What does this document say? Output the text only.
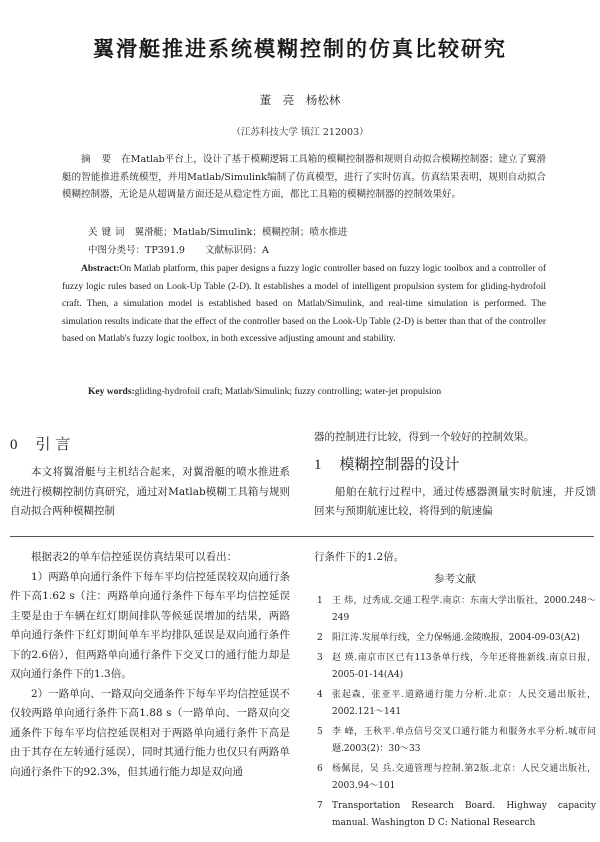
翼滑艇推进系统模糊控制的仿真比较研究
董 亮 杨松林
（江苏科技大学 镇江 212003）

摘 要 在Matlab平台上，设计了基于模糊逻辑工具箱的模糊控制器和规则自动拟合模糊控制器；建立了翼滑艇的智能推进系统模型，并用Matlab/Simulink编制了仿真模型，进行了实时仿真。仿真结果表明，规则自动拟合模糊控制器，无论是从超调量方面还是从稳定性方面，都比工具箱的模糊控制器的控制效果好。

关键词 翼滑艇；Matlab/Simulink；模糊控制；喷水推进
中图分类号：TP391.9 文献标识码：A

Abstract:On Matlab platform, this paper designs a fuzzy logic controller based on fuzzy logic toolbox and a controller of fuzzy logic rules based on Look-Up Table (2-D). It establishes a model of intelligent propulsion system for gliding-hydrofoil craft. Then, a simulation model is established based on Matlab/Simulink, and real-time simulation is performed. The simulation results indicate that the effect of the controller based on the Look-Up Table (2-D) is better than that of the controller based on Matlab's fuzzy logic toolbox, in both excessive adjusting amount and stability.

Key words:gliding-hydrofoil craft; Matlab/Simulink; fuzzy controlling; water-jet propulsion
0 引 言

本文将翼滑艇与主机结合起来，对翼滑艇的喷水推进系统进行模糊控制仿真研究，通过对Matlab模糊工具箱与规则自动拟合两种模糊控制

器的控制进行比较，得到一个较好的控制效果。

1 模糊控制器的设计

船舶在航行过程中，通过传感器测量实时航速，并反馈回来与预期航速比较，将得到的航速偏

根据表2的单车信控延误仿真结果可以看出：

1）两路单向通行条件下每车平均信控延误较双向通行条件下高1.62 s（注：两路单向通行条件下每车平均信控延误主要是由于车辆在红灯期间排队等候延误增加的结果，两路单向通行条件下红灯期间单车平均排队延误是双向通行条件下的2.6倍），但两路单向通行条件下交叉口的通行能力却是双向通行条件下的1.3倍。

2）一路单向、一路双向交通条件下每车平均信控延误不仅较两路单向通行条件下高1.88 s（一路单向、一路双向交通条件下每车平均信控延误相对于两路单向通行条件下高是由于其存在左转通行延误），同时其通行能力也仅只有两路单向通行条件下的92.3%，但其通行能力却是双向通

行条件下的1.2倍。

参考文献
1	王 炜，过秀成.交通工程学.南京：东南大学出版社，2000.248～249
2	阳江涛.发展单行线，全力保畅通.金陵晚报，2004-09-03(A2)
3	赵 瑛.南京市区已有113条单行线，今年还将推新线.南京日报，2005-01-14(A4)
4	张起森，张亚平.道路通行能力分析.北京：人民交通出版社，2002.121～141
5	李 峰，王秋平.单点信号交叉口通行能力和服务水平分析.城市问题.2003(2)：30～33
6	杨佩昆，吴 兵.交通管理与控制.第2版.北京：人民交通出版社，2003.94～101
7	Transportation Research Board. Highway capacity manual. Washington D C: National Research
